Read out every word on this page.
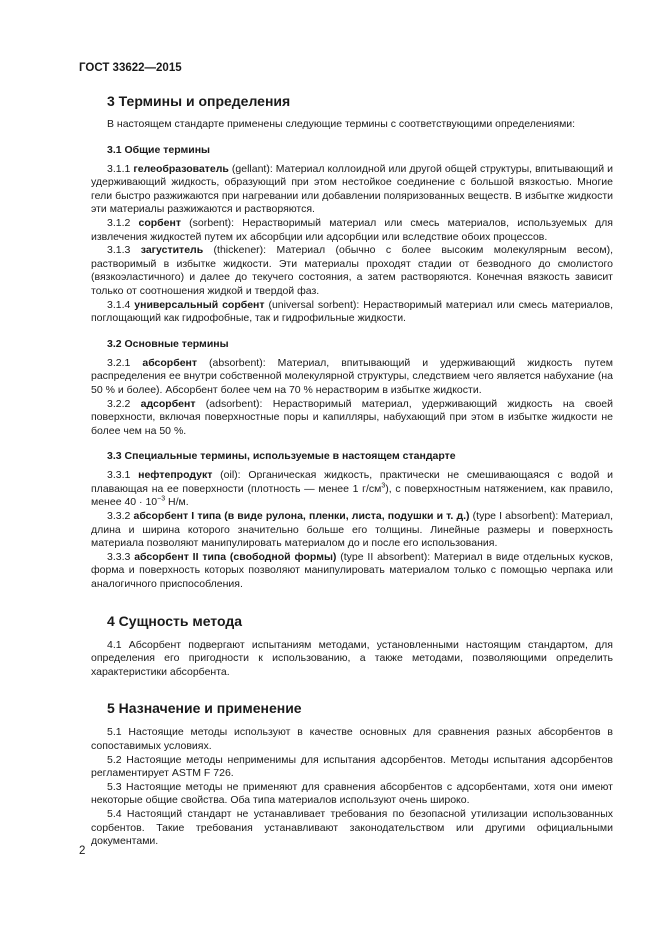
ГОСТ 33622—2015
3 Термины и определения

В настоящем стандарте применены следующие термины с соответствующими определениями:

3.1 Общие термины

3.1.1 гелеобразователь (gellant): Материал коллоидной или другой общей структуры, впитывающий и удерживающий жидкость, образующий при этом нестойкое соединение с большой вязкостью. Многие гели быстро разжижаются при нагревании или добавлении поляризованных веществ. В избытке жидкости эти материалы разжижаются и растворяются.

3.1.2 сорбент (sorbent): Нерастворимый материал или смесь материалов, используемых для извлечения жидкостей путем их абсорбции или адсорбции или вследствие обоих процессов.

3.1.3 загуститель (thickener): Материал (обычно с более высоким молекулярным весом), растворимый в избытке жидкости. Эти материалы проходят стадии от безводного до смолистого (вязкоэластичного) и далее до текучего состояния, а затем растворяются. Конечная вязкость зависит только от соотношения жидкой и твердой фаз.

3.1.4 универсальный сорбент (universal sorbent): Нерастворимый материал или смесь материалов, поглощающий как гидрофобные, так и гидрофильные жидкости.

3.2 Основные термины

3.2.1 абсорбент (absorbent): Материал, впитывающий и удерживающий жидкость путем распределения ее внутри собственной молекулярной структуры, следствием чего является набухание (на 50 % и более). Абсорбент более чем на 70 % нерастворим в избытке жидкости.

3.2.2 адсорбент (adsorbent): Нерастворимый материал, удерживающий жидкость на своей поверхности, включая поверхностные поры и капилляры, набухающий при этом в избытке жидкости не более чем на 50 %.

3.3 Специальные термины, используемые в настоящем стандарте

3.3.1 нефтепродукт (oil): Органическая жидкость, практически не смешивающаяся с водой и плавающая на ее поверхности (плотность — менее 1 $г/см^3$), с поверхностным натяжением, как правило, менее $40 \cdot 10^{-3}$ Н/м.

3.3.2 абсорбент I типа (в виде рулона, пленки, листа, подушки и т. д.) (type I absorbent): Материал, длина и ширина которого значительно больше его толщины. Линейные размеры и поверхность материала позволяют манипулировать материалом до и после его использования.

3.3.3 абсорбент II типа (свободной формы) (type II absorbent): Материал в виде отдельных кусков, форма и поверхность которых позволяют манипулировать материалом только с помощью черпака или аналогичного приспособления.

4 Сущность метода

4.1 Абсорбент подвергают испытаниям методами, установленными настоящим стандартом, для определения его пригодности к использованию, а также методами, позволяющими определить характеристики абсорбента.

5 Назначение и применение

5.1 Настоящие методы используют в качестве основных для сравнения разных абсорбентов в сопоставимых условиях.

5.2 Настоящие методы неприменимы для испытания адсорбентов. Методы испытания адсорбентов регламентирует ASTM F 726.

5.3 Настоящие методы не применяют для сравнения абсорбентов с адсорбентами, хотя они имеют некоторые общие свойства. Оба типа материалов используют очень широко.

5.4 Настоящий стандарт не устанавливает требования по безопасной утилизации использованных сорбентов. Такие требования устанавливают законодательством или другими официальными документами.

2
